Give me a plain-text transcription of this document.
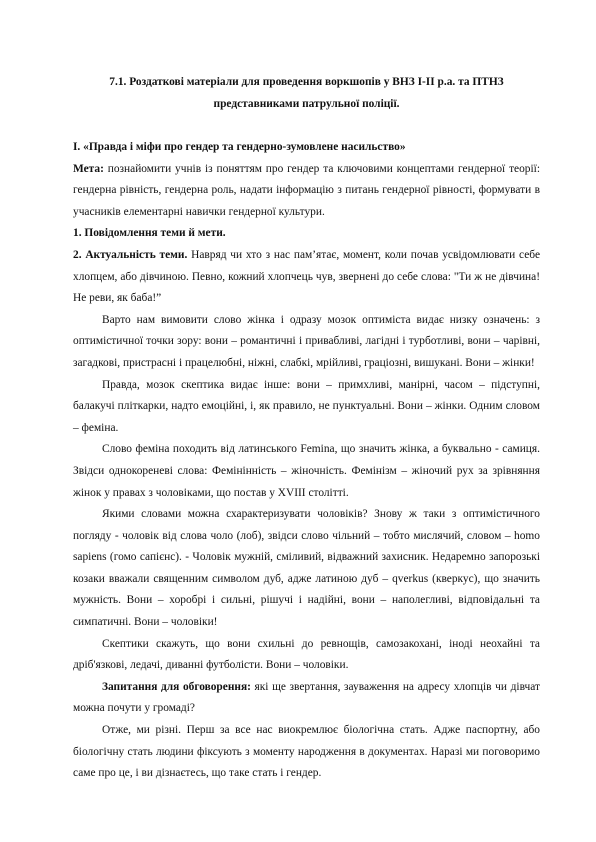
7.1. Роздаткові матеріали для проведення воркшопів у ВНЗ І-ІІ р.а. та ПТНЗ
представниками патрульної поліції.

І. «Правда і міфи про гендер та гендерно-зумовлене насильство»

Мета: познайомити учнів із поняттям про гендер та ключовими концептами гендерної теорії: гендерна рівність, гендерна роль, надати інформацію з питань гендерної рівності, формувати в учасників елементарні навички гендерної культури.

1. Повідомлення теми й мети.

2. Актуальність теми. Навряд чи хто з нас пам’ятає, момент, коли почав усвідомлювати себе хлопцем, або дівчиною. Певно, кожний хлопчець чув, звернені до себе слова: "Ти ж не дівчина! Не реви, як баба!”

Варто нам вимовити слово жінка і одразу мозок оптиміста видає низку означень: з оптимістичної точки зору: вони – романтичні і привабливі, лагідні і турботливі, вони – чарівні, загадкові, пристрасні і працелюбні, ніжні, слабкі, мрійливі, граціозні, вишукані. Вони – жінки!

Правда, мозок скептика видає інше: вони – примхливі, манірні, часом – підступні, балакучі пліткарки, надто емоційні, і, як правило, не пунктуальні. Вони – жінки. Одним словом – феміна.

Слово феміна походить від латинського Femina, що значить жінка, а буквально - самиця. Звідси однокореневі слова: Фемінінність – жіночність. Фемінізм – жіночий рух за зрівняння жінок у правах з чоловіками, що постав у XVIII столітті.

Якими словами можна схарактеризувати чоловіків? Знову ж таки з оптимістичного погляду - чоловік від слова чоло (лоб), звідси слово чільний – тобто мислячий, словом – homo sapiens (гомо сапієнс). - Чоловік мужній, сміливий, відважний захисник. Недаремно запорозькі козаки вважали священним символом дуб, адже латиною дуб – qverkus (кверкус), що значить мужність. Вони – хоробрі і сильні, рішучі і надійні, вони – наполегливі, відповідальні та симпатичні. Вони – чоловіки!

Скептики скажуть, що вони схильні до ревнощів, самозакохані, іноді неохайні та дріб'язкові, ледачі, диванні футболісти. Вони – чоловіки.

Запитання для обговорення: які ще звертання, зауваження на адресу хлопців чи дівчат можна почути у громаді?

Отже, ми різні. Перш за все нас виокремлює біологічна стать. Адже паспортну, або біологічну стать людини фіксують з моменту народження в документах. Наразі ми поговоримо саме про це, і ви дізнаєтесь, що таке стать і гендер.
